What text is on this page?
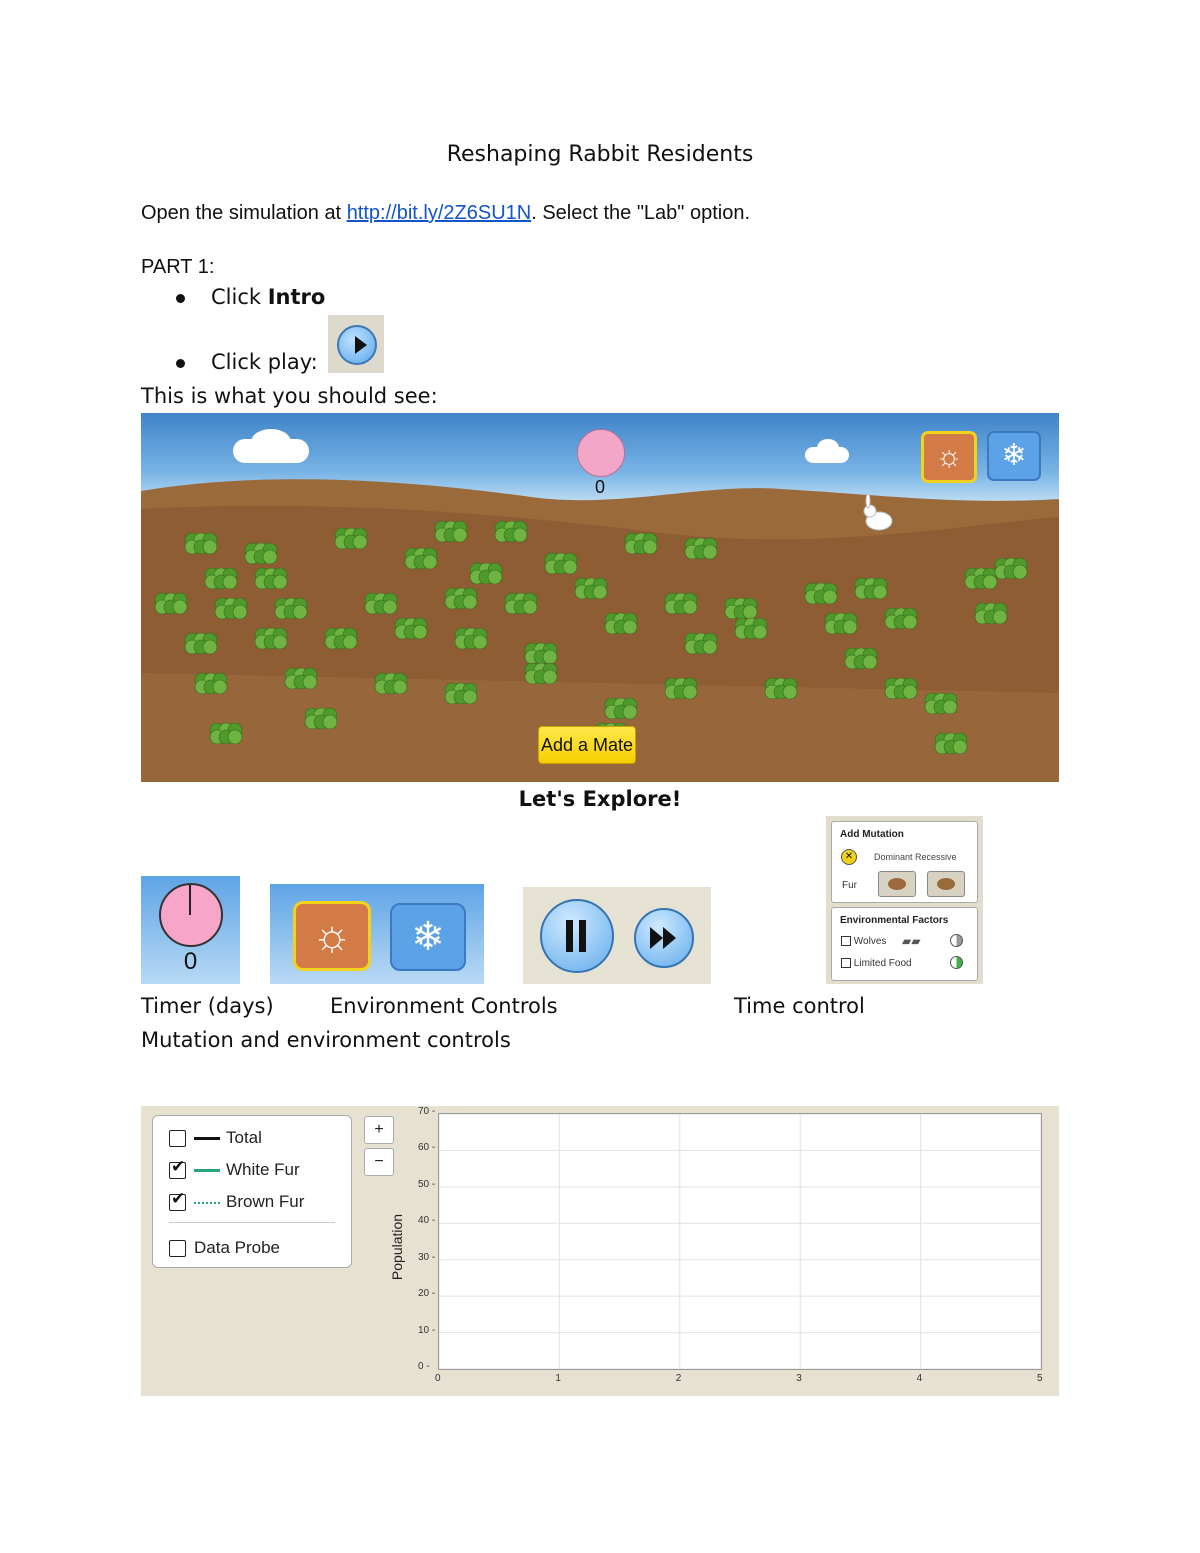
Reshaping Rabbit Residents
Open the simulation at http://bit.ly/2Z6SU1N. Select the "Lab" option.
PART 1:
Click Intro
Click play:
This is what you should see:
0
☼	❄
Add a Mate
Let's Explore!
0
☼	❄
Add Mutation
✕	Dominant Recessive
Fur
Environmental Factors
Wolves ▰▰
Limited Food
Timer (days)	Environment Controls	Time control
Mutation and environment controls
Total
✔White Fur
✔Brown Fur
Data Probe
+
−
Population
0	1	2	3	4	5
0 -
10 -
20 -
30 -
40 -
50 -
60 -
70 -
